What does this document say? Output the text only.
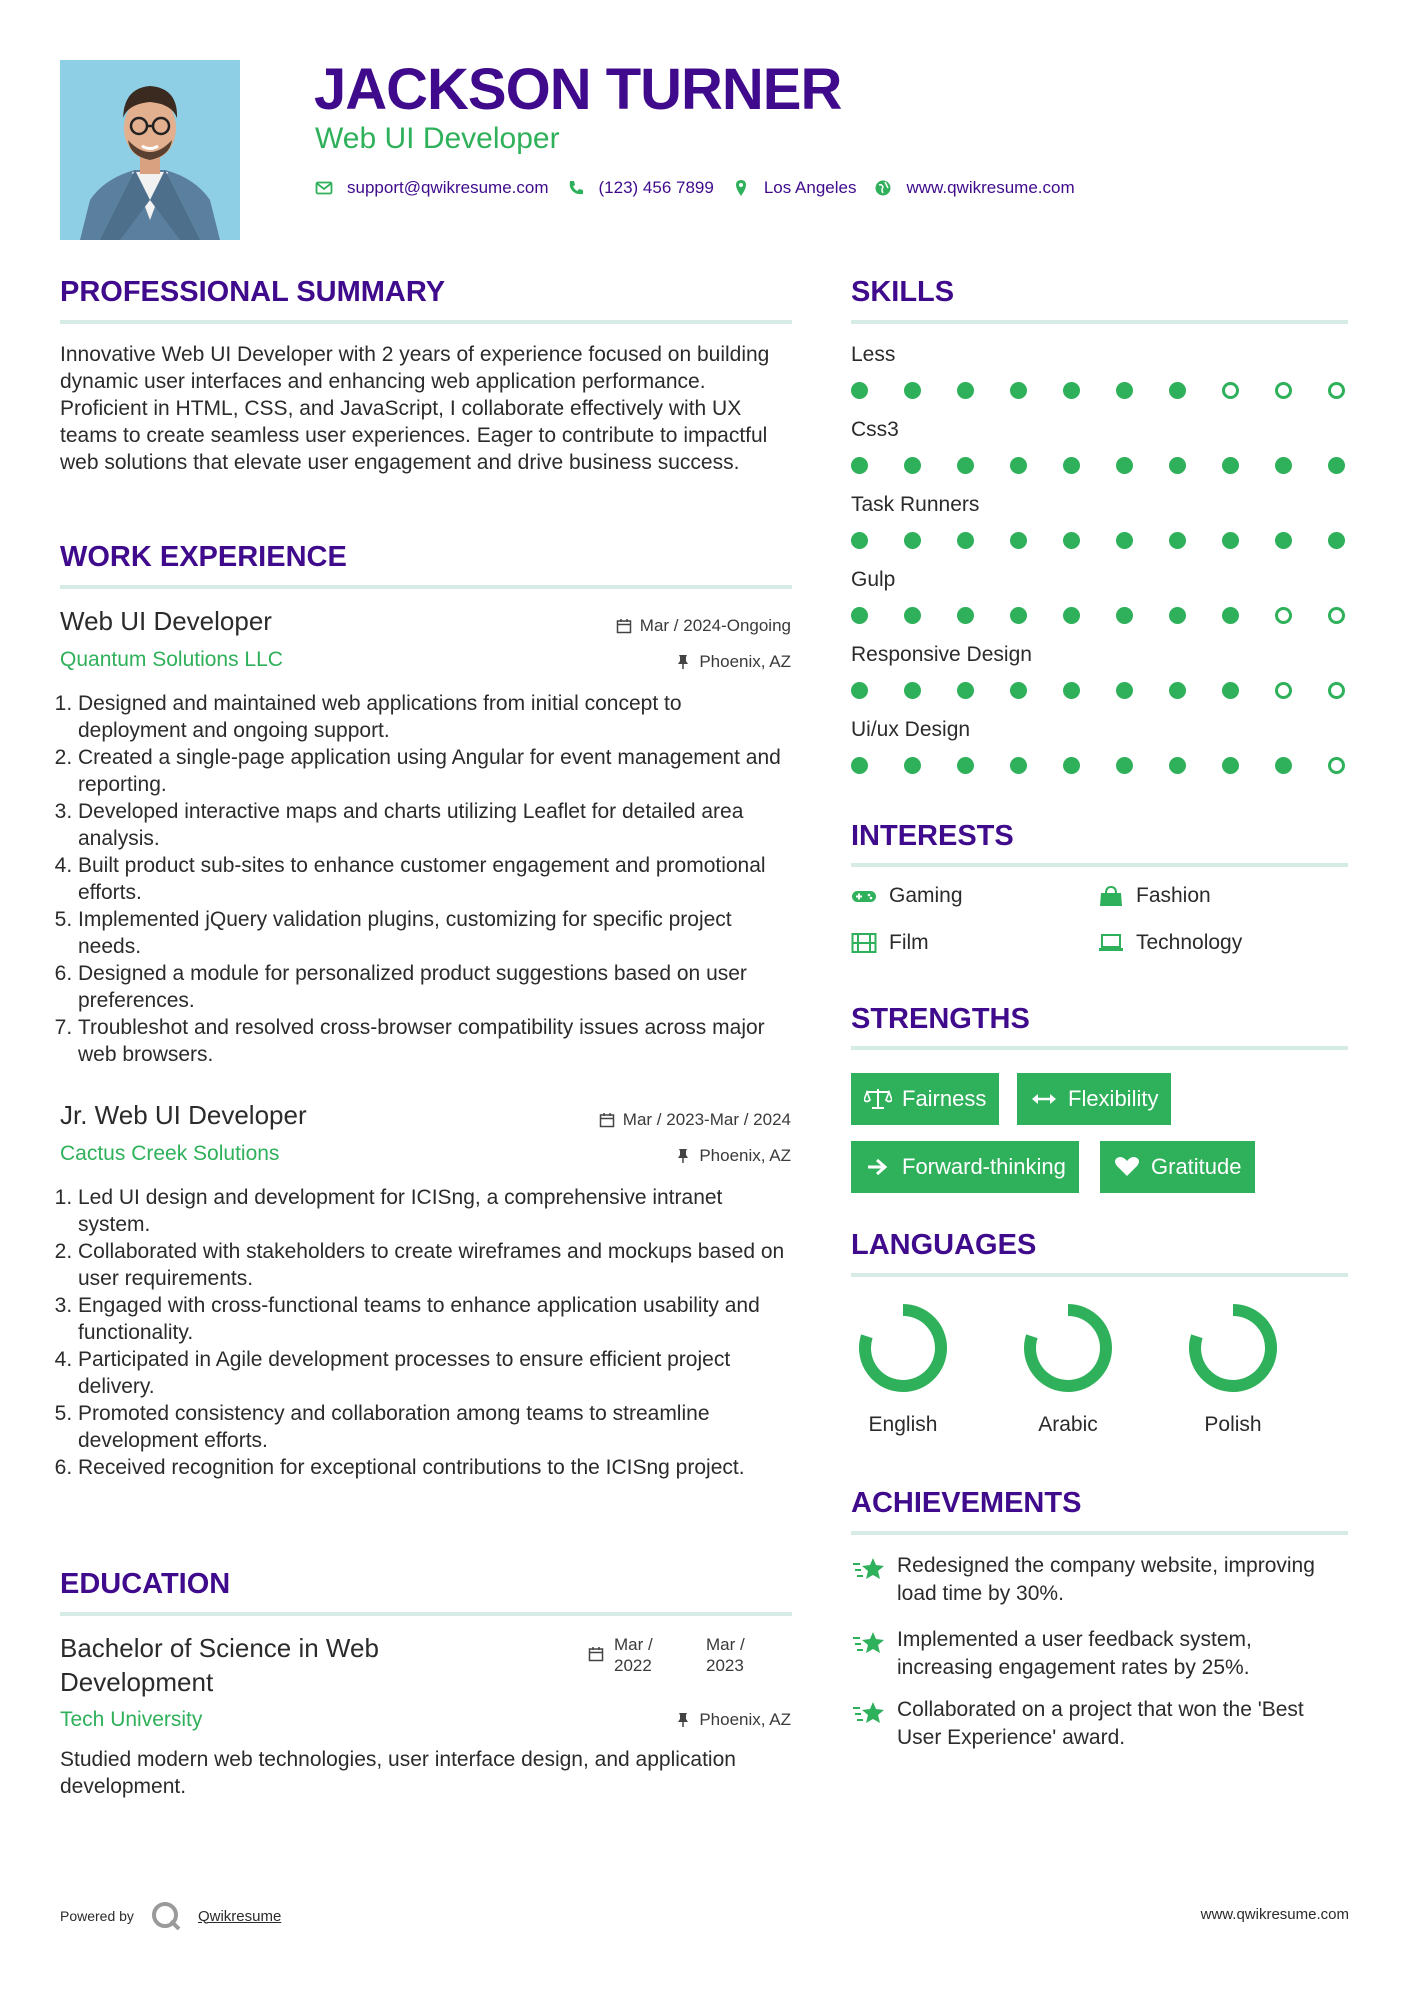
JACKSON TURNER
Web UI Developer
support@qwikresume.com	(123) 456 7899	Los Angeles	www.qwikresume.com
PROFESSIONAL SUMMARY
Innovative Web UI Developer with 2 years of experience focused on building dynamic user interfaces and enhancing web application performance. Proficient in HTML, CSS, and JavaScript, I collaborate effectively with UX teams to create seamless user experiences. Eager to contribute to impactful web solutions that elevate user engagement and drive business success.
WORK EXPERIENCE
Web UI Developer
Quantum Solutions LLC
Mar / 2024-Ongoing
Phoenix, AZ
1. Designed and maintained web applications from initial concept to deployment and ongoing support.
2. Created a single-page application using Angular for event management and reporting.
3. Developed interactive maps and charts utilizing Leaflet for detailed area analysis.
4. Built product sub-sites to enhance customer engagement and promotional efforts.
5. Implemented jQuery validation plugins, customizing for specific project needs.
6. Designed a module for personalized product suggestions based on user preferences.
7. Troubleshot and resolved cross-browser compatibility issues across major web browsers.
Jr. Web UI Developer
Cactus Creek Solutions
Mar / 2023-Mar / 2024
Phoenix, AZ
1. Led UI design and development for ICISng, a comprehensive intranet system.
2. Collaborated with stakeholders to create wireframes and mockups based on user requirements.
3. Engaged with cross-functional teams to enhance application usability and functionality.
4. Participated in Agile development processes to ensure efficient project delivery.
5. Promoted consistency and collaboration among teams to streamline development efforts.
6. Received recognition for exceptional contributions to the ICISng project.
EDUCATION
Bachelor of Science in Web Development
Tech University
Mar / 2022
Mar / 2023
Phoenix, AZ
Studied modern web technologies, user interface design, and application development.
SKILLS
Less
Css3
Task Runners
Gulp
Responsive Design
Ui/ux Design
INTERESTS
Gaming	Fashion
Film	Technology
STRENGTHS
Fairness	Flexibility
Forward-thinking	Gratitude
LANGUAGES
English	Arabic	Polish
ACHIEVEMENTS
Redesigned the company website, improving load time by 30%.
Implemented a user feedback system, increasing engagement rates by 25%.
Collaborated on a project that won the 'Best User Experience' award.
Powered by	Qwikresume	www.qwikresume.com
